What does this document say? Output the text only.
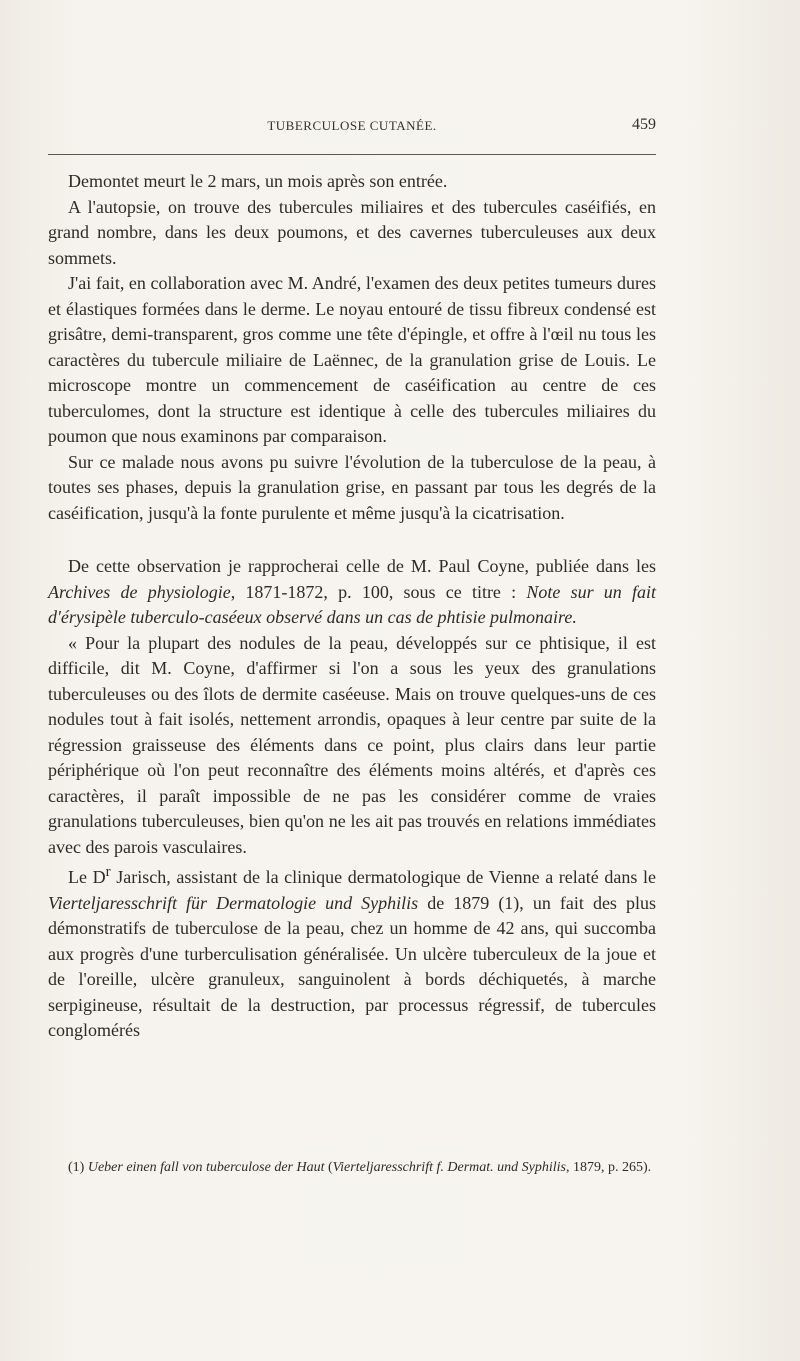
TUBERCULOSE CUTANÉE.	459

Demontet meurt le 2 mars, un mois après son entrée.

A l'autopsie, on trouve des tubercules miliaires et des tubercules caséifiés, en grand nombre, dans les deux poumons, et des cavernes tuberculeuses aux deux sommets.

J'ai fait, en collaboration avec M. André, l'examen des deux petites tumeurs dures et élastiques formées dans le derme. Le noyau entouré de tissu fibreux condensé est grisâtre, demi-transparent, gros comme une tête d'épingle, et offre à l'œil nu tous les caractères du tubercule miliaire de Laënnec, de la granulation grise de Louis. Le microscope montre un commencement de caséification au centre de ces tuberculomes, dont la structure est identique à celle des tubercules miliaires du poumon que nous examinons par comparaison.

Sur ce malade nous avons pu suivre l'évolution de la tuberculose de la peau, à toutes ses phases, depuis la granulation grise, en passant par tous les degrés de la caséification, jusqu'à la fonte purulente et même jusqu'à la cicatrisation.

De cette observation je rapprocherai celle de M. Paul Coyne, publiée dans les Archives de physiologie, 1871-1872, p. 100, sous ce titre : Note sur un fait d'érysipèle tuberculo-caséeux observé dans un cas de phtisie pulmonaire.

« Pour la plupart des nodules de la peau, développés sur ce phtisique, il est difficile, dit M. Coyne, d'affirmer si l'on a sous les yeux des granulations tuberculeuses ou des îlots de dermite caséeuse. Mais on trouve quelques-uns de ces nodules tout à fait isolés, nettement arrondis, opaques à leur centre par suite de la régression graisseuse des éléments dans ce point, plus clairs dans leur partie périphérique où l'on peut reconnaître des éléments moins altérés, et d'après ces caractères, il paraît impossible de ne pas les considérer comme de vraies granulations tuberculeuses, bien qu'on ne les ait pas trouvés en relations immédiates avec des parois vasculaires.

Le $D^r$ Jarisch, assistant de la clinique dermatologique de Vienne a relaté dans le Vierteljaresschrift für Dermatologie und Syphilis de 1879 (1), un fait des plus démonstratifs de tuberculose de la peau, chez un homme de 42 ans, qui succomba aux progrès d'une turberculisation généralisée. Un ulcère tuberculeux de la joue et de l'oreille, ulcère granuleux, sanguinolent à bords déchiquetés, à marche serpigineuse, résultait de la destruction, par processus régressif, de tubercules conglomérés

(1) Ueber einen fall von tuberculose der Haut (Vierteljaresschrift f. Dermat. und Syphilis, 1879, p. 265).
